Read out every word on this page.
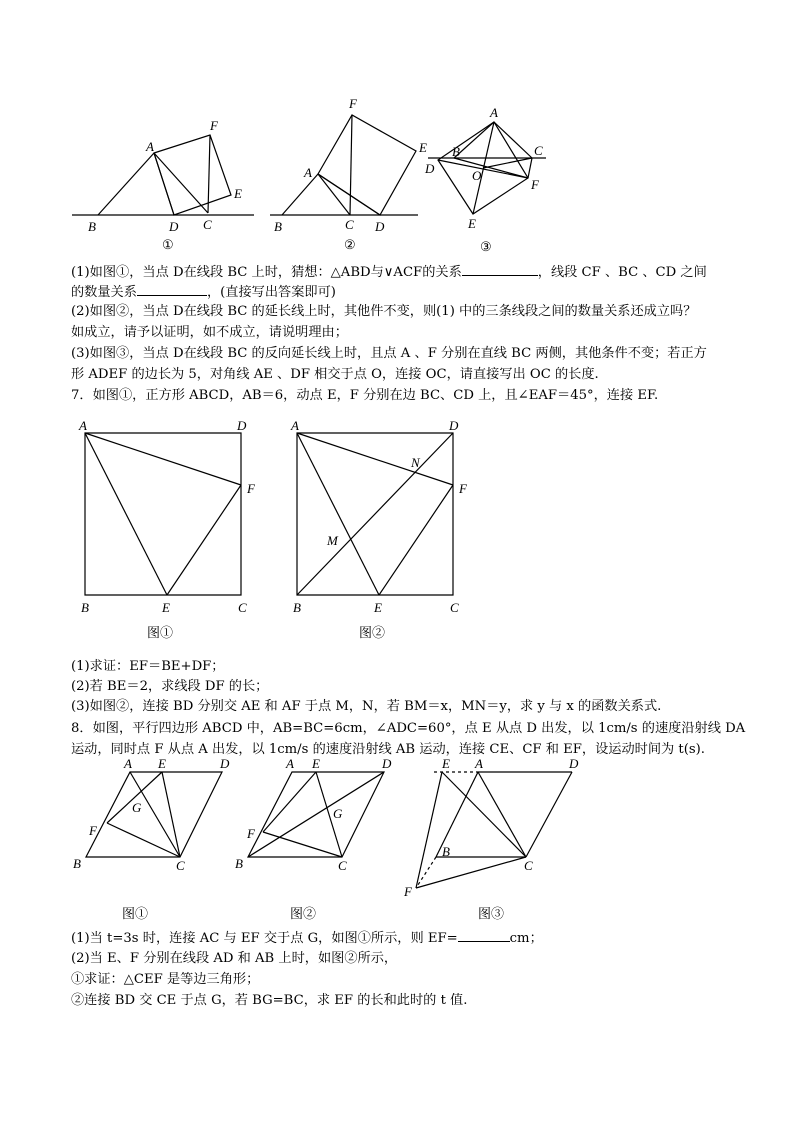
A
B	C
D
E
F
①
A
B	C D
E
F
②
A
B	C
D
E
F
O
③
(1)如图①，当点 D在线段 BC 上时，猜想：△ABD与∨ACF的关系	，线段 CF 、BC 、CD 之间
的数量关系	，(直接写出答案即可)
(2)如图②，当点 D在线段 BC 的延长线上时，其他件不变，则(1) 中的三条线段之间的数量关系还成立吗？
如成立，请予以证明，如不成立，请说明理由；
(3)如图③，当点 D在线段 BC 的反向延长线上时，且点 A 、F 分别在直线 BC 两侧，其他条件不变；若正方
形 ADEF 的边长为 5，对角线 AE 、DF 相交于点 O，连接 OC，请直接写出 OC 的长度.
7．如图①，正方形 ABCD，AB＝6，动点 E，F 分别在边 BC、CD 上，且∠EAF＝45°，连接 EF.
A	D
B	C
E
F
图①
A	D
B	C
E
F
M
N
图②
(1)求证：EF＝BE+DF；
(2)若 BE＝2，求线段 DF 的长；
(3)如图②，连接 BD 分别交 AE 和 AF 于点 M，N，若 BM＝x，MN＝y，求 y 与 x 的函数关系式.
8．如图，平行四边形 ABCD 中，AB=BC=6cm，∠ADC=60°，点 E 从点 D 出发，以 1cm/s 的速度沿射线 DA
运动，同时点 F 从点 A 出发，以 1cm/s 的速度沿射线 AB 运动，连接 CE、CF 和 EF，设运动时间为 t(s).
A E	D
B	C
F
G
图①
A E	D
B	C
F
G
图②
E A	D
B
C
F
图③
(1)当 t=3s 时，连接 AC 与 EF 交于点 G，如图①所示，则 EF=	cm；
(2)当 E、F 分别在线段 AD 和 AB 上时，如图②所示，
①求证：△CEF 是等边三角形；
②连接 BD 交 CE 于点 G，若 BG=BC，求 EF 的长和此时的 t 值.
